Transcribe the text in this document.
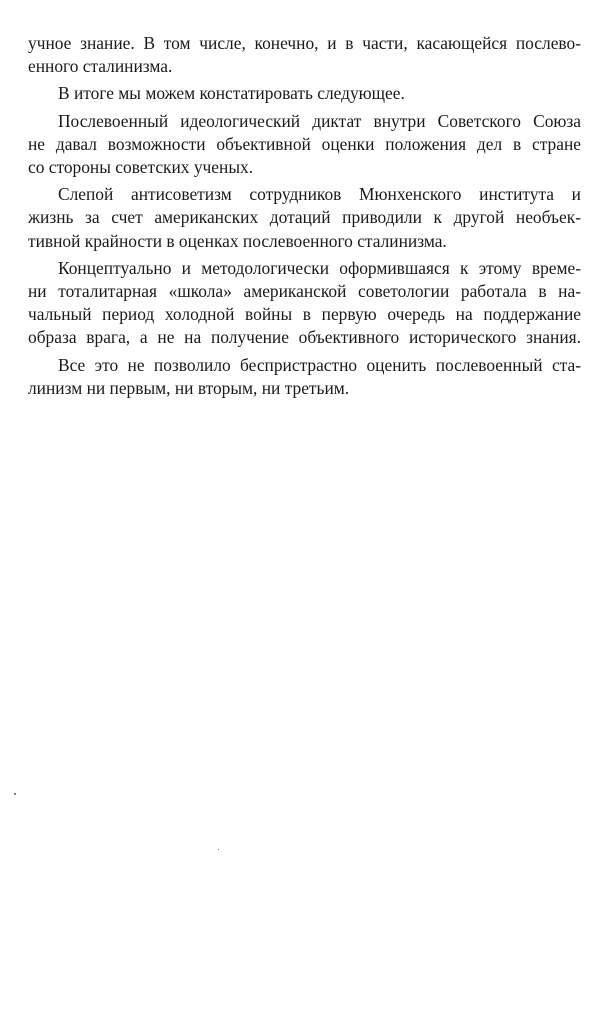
учное знание. В том числе, конечно, и в части, касающейся послево-
енного сталинизма.
В итоге мы можем констатировать следующее.
Послевоенный идеологический диктат внутри Советского Союза
не давал возможности объективной оценки положения дел в стране
со стороны советских ученых.
Слепой антисоветизм сотрудников Мюнхенского института и
жизнь за счет американских дотаций приводили к другой необъек-
тивной крайности в оценках послевоенного сталинизма.
Концептуально и методологически оформившаяся к этому време-
ни тоталитарная «школа» американской советологии работала в на-
чальный период холодной войны в первую очередь на поддержание
образа врага, а не на получение объективного исторического знания.
Все это не позволило беспристрастно оценить послевоенный ста-
линизм ни первым, ни вторым, ни третьим.
